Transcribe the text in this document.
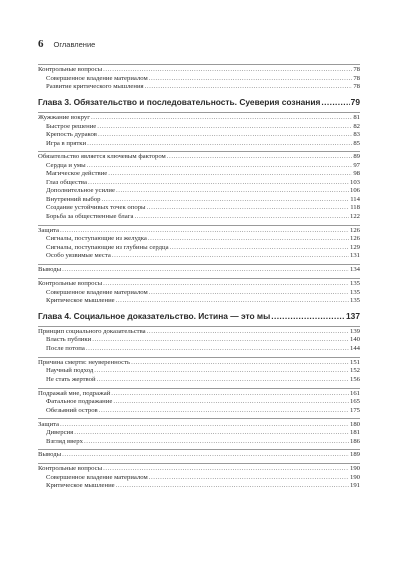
6 Оглавление
Контрольные вопросы .....	78
Совершенное владение материалом .....	78
Развитие критического мышления .....	78
Глава 3. Обязательство и последовательность. Суеверия сознания .....	79
Жужжание вокруг .....	81
Быстрое решение .....	82
Крепость дураков .....	83
Игра в прятки .....	85
Обязательство является ключевым фактором .....	89
Сердца и умы .....	97
Магическое действие .....	98
Глаз общества .....	103
Дополнительное усилие .....	106
Внутренний выбор .....	114
Создание устойчивых точек опоры .....	118
Борьба за общественные блага .....	122
Защита .....	126
Сигналы, поступающие из желудка .....	126
Сигналы, поступающие из глубины сердца .....	129
Особо уязвимые места .....	131
Выводы .....	134
Контрольные вопросы .....	135
Совершенное владение материалом .....	135
Критическое мышление .....	135
Глава 4. Социальное доказательство. Истина — это мы .....	137
Принцип социального доказательства .....	139
Власть публики .....	140
После потопа .....	144
Причина смерти: неуверенность .....	151
Научный подход .....	152
Не стать жертвой .....	156
Подражай мне, подражай .....	161
Фатальное подражание .....	165
Обезьяний остров .....	175
Защита .....	180
Диверсия .....	181
Взгляд вверх .....	186
Выводы .....	189
Контрольные вопросы .....	190
Совершенное владение материалом .....	190
Критическое мышление .....	191
